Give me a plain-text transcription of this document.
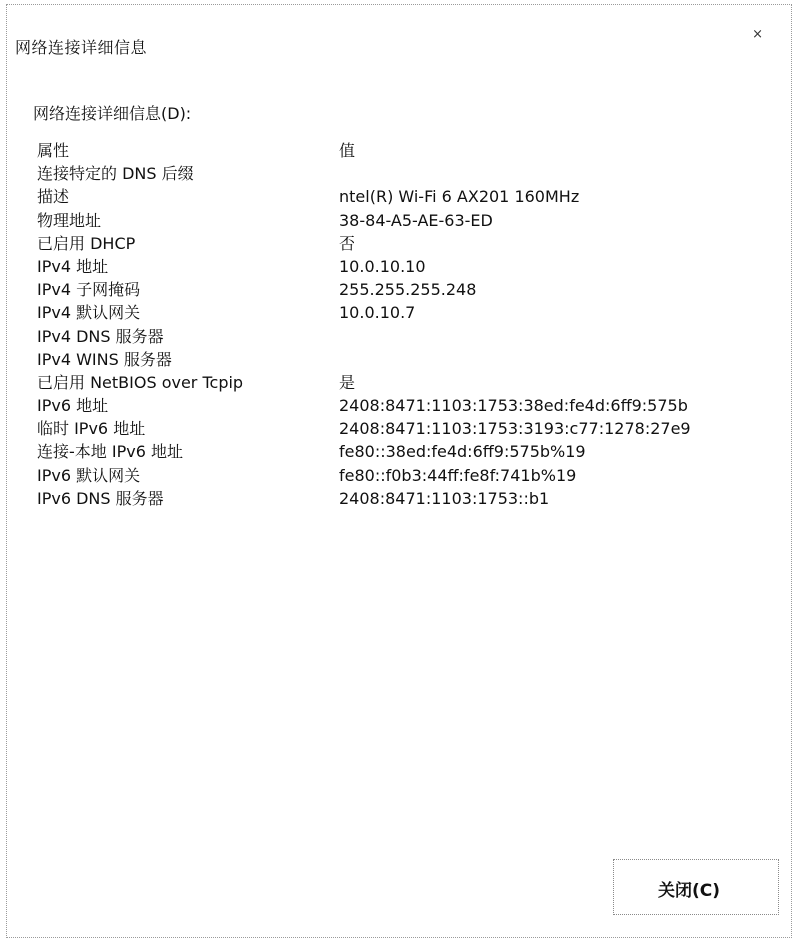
网络连接详细信息
×
网络连接详细信息(D):
属性	值
连接特定的 DNS 后缀
描述	ntel(R) Wi-Fi 6 AX201 160MHz
物理地址	38-84-A5-AE-63-ED
已启用 DHCP	否
IPv4 地址	10.0.10.10
IPv4 子网掩码	255.255.255.248
IPv4 默认网关	10.0.10.7
IPv4 DNS 服务器
IPv4 WINS 服务器
已启用 NetBIOS over Tcpip	是
IPv6 地址	2408:8471:1103:1753:38ed:fe4d:6ff9:575b
临时 IPv6 地址	2408:8471:1103:1753:3193:c77:1278:27e9
连接-本地 IPv6 地址	fe80::38ed:fe4d:6ff9:575b%19
IPv6 默认网关	fe80::f0b3:44ff:fe8f:741b%19
IPv6 DNS 服务器	2408:8471:1103:1753::b1
关闭(C)
